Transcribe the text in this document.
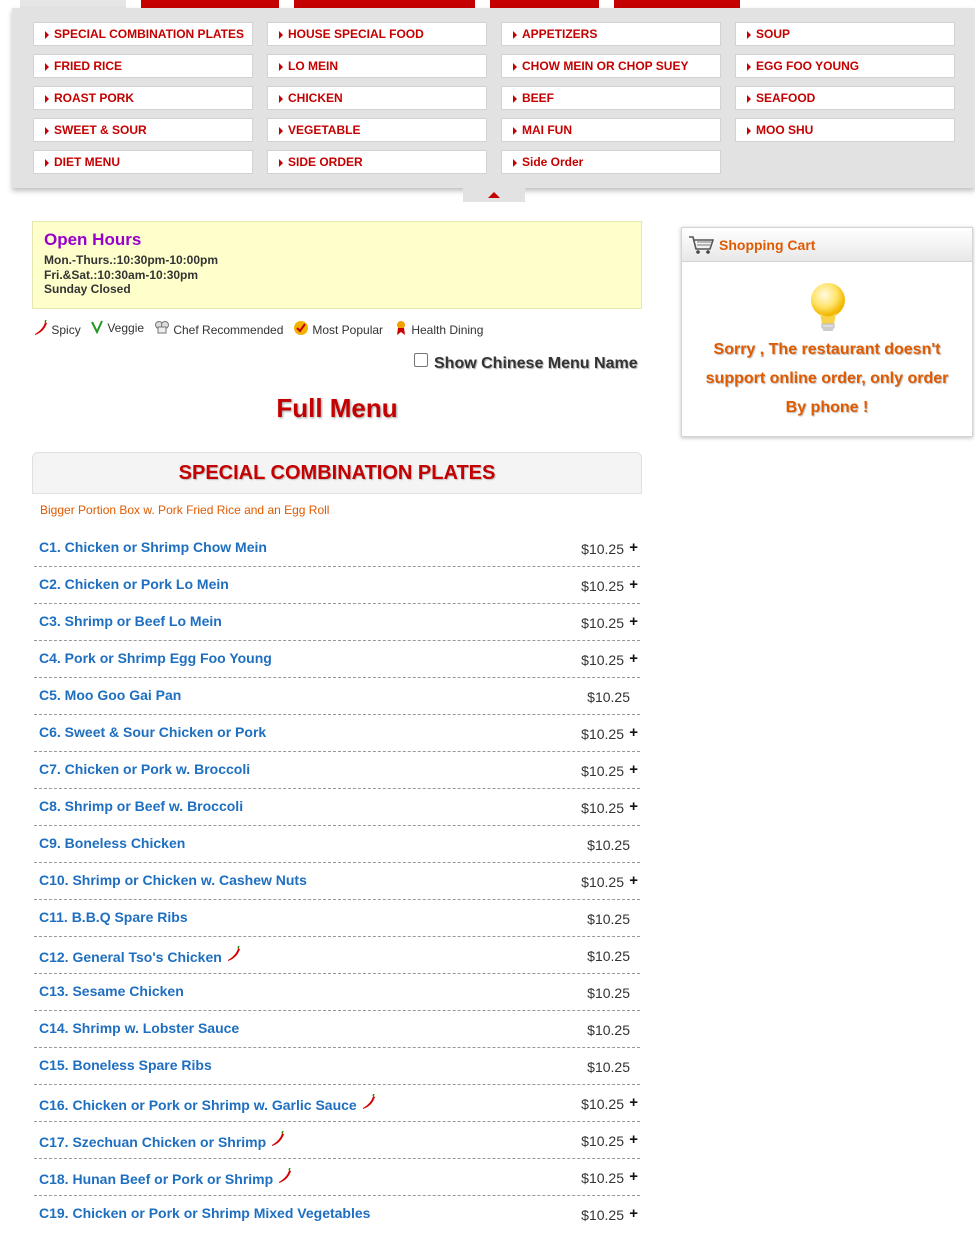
SPECIAL COMBINATION PLATES	HOUSE SPECIAL FOOD	APPETIZERS	SOUP
FRIED RICE	LO MEIN	CHOW MEIN OR CHOP SUEY	EGG FOO YOUNG
ROAST PORK	CHICKEN	BEEF	SEAFOOD
SWEET & SOUR	VEGETABLE	MAI FUN	MOO SHU
DIET MENU	SIDE ORDER	Side Order
Open Hours
Mon.-Thurs.:10:30pm-10:00pm
Fri.&Sat.:10:30am-10:30pm
Sunday Closed
Spicy	Veggie	Chef Recommended	Most Popular	Health Dining
Show Chinese Menu Name
Full Menu
SPECIAL COMBINATION PLATES
Bigger Portion Box w. Pork Fried Rice and an Egg Roll
C1. Chicken or Shrimp Chow Mein	$10.25 +
C2. Chicken or Pork Lo Mein	$10.25 +
C3. Shrimp or Beef Lo Mein	$10.25 +
C4. Pork or Shrimp Egg Foo Young	$10.25 +
C5. Moo Goo Gai Pan	$10.25
C6. Sweet & Sour Chicken or Pork	$10.25 +
C7. Chicken or Pork w. Broccoli	$10.25 +
C8. Shrimp or Beef w. Broccoli	$10.25 +
C9. Boneless Chicken	$10.25
C10. Shrimp or Chicken w. Cashew Nuts	$10.25 +
C11. B.B.Q Spare Ribs	$10.25
C12. General Tso's Chicken	$10.25
C13. Sesame Chicken	$10.25
C14. Shrimp w. Lobster Sauce	$10.25
C15. Boneless Spare Ribs	$10.25
C16. Chicken or Pork or Shrimp w. Garlic Sauce	$10.25 +
C17. Szechuan Chicken or Shrimp	$10.25 +
C18. Hunan Beef or Pork or Shrimp	$10.25 +
C19. Chicken or Pork or Shrimp Mixed Vegetables	$10.25 +
Shopping Cart
Sorry , The restaurant doesn't
support online order, only order
By phone !
